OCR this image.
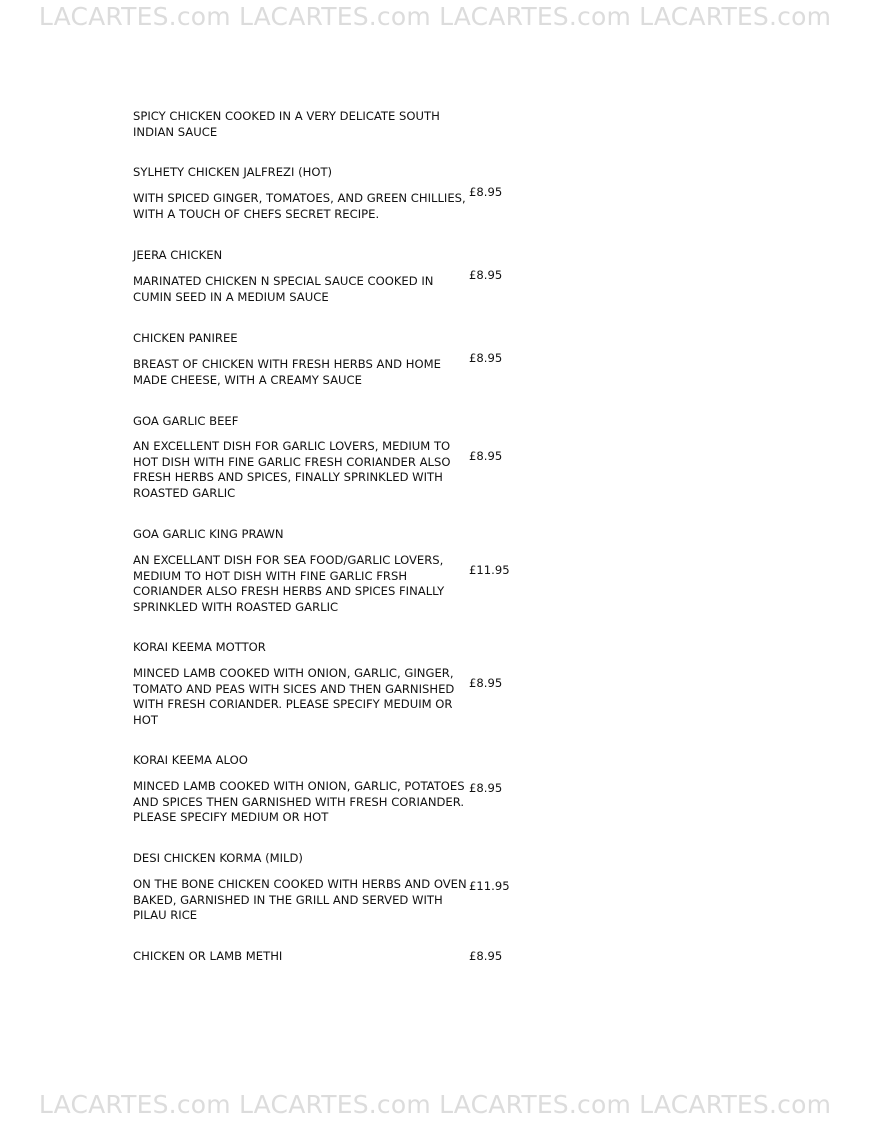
LACARTES.com LACARTES.com LACARTES.com LACARTES.com
SPICY CHICKEN COOKED IN A VERY DELICATE SOUTH INDIAN SAUCE
SYLHETY CHICKEN JALFREZI (HOT)
WITH SPICED GINGER, TOMATOES, AND GREEN CHILLIES, WITH A TOUCH OF CHEFS SECRET RECIPE.
£8.95
JEERA CHICKEN
MARINATED CHICKEN N SPECIAL SAUCE COOKED IN CUMIN SEED IN A MEDIUM SAUCE
£8.95
CHICKEN PANIREE
BREAST OF CHICKEN WITH FRESH HERBS AND HOME MADE CHEESE, WITH A CREAMY SAUCE
£8.95
GOA GARLIC BEEF
AN EXCELLENT DISH FOR GARLIC LOVERS, MEDIUM TO HOT DISH WITH FINE GARLIC FRESH CORIANDER ALSO FRESH HERBS AND SPICES, FINALLY SPRINKLED WITH ROASTED GARLIC
£8.95
GOA GARLIC KING PRAWN
AN EXCELLANT DISH FOR SEA FOOD/GARLIC LOVERS, MEDIUM TO HOT DISH WITH FINE GARLIC FRSH CORIANDER ALSO FRESH HERBS AND SPICES FINALLY SPRINKLED WITH ROASTED GARLIC
£11.95
KORAI KEEMA MOTTOR
MINCED LAMB COOKED WITH ONION, GARLIC, GINGER, TOMATO AND PEAS WITH SICES AND THEN GARNISHED WITH FRESH CORIANDER. PLEASE SPECIFY MEDUIM OR HOT
£8.95
KORAI KEEMA ALOO
MINCED LAMB COOKED WITH ONION, GARLIC, POTATOES AND SPICES THEN GARNISHED WITH FRESH CORIANDER. PLEASE SPECIFY MEDIUM OR HOT
£8.95
DESI CHICKEN KORMA (MILD)
ON THE BONE CHICKEN COOKED WITH HERBS AND OVEN BAKED, GARNISHED IN THE GRILL AND SERVED WITH PILAU RICE
£11.95
CHICKEN OR LAMB METHI	£8.95
LACARTES.com LACARTES.com LACARTES.com LACARTES.com
